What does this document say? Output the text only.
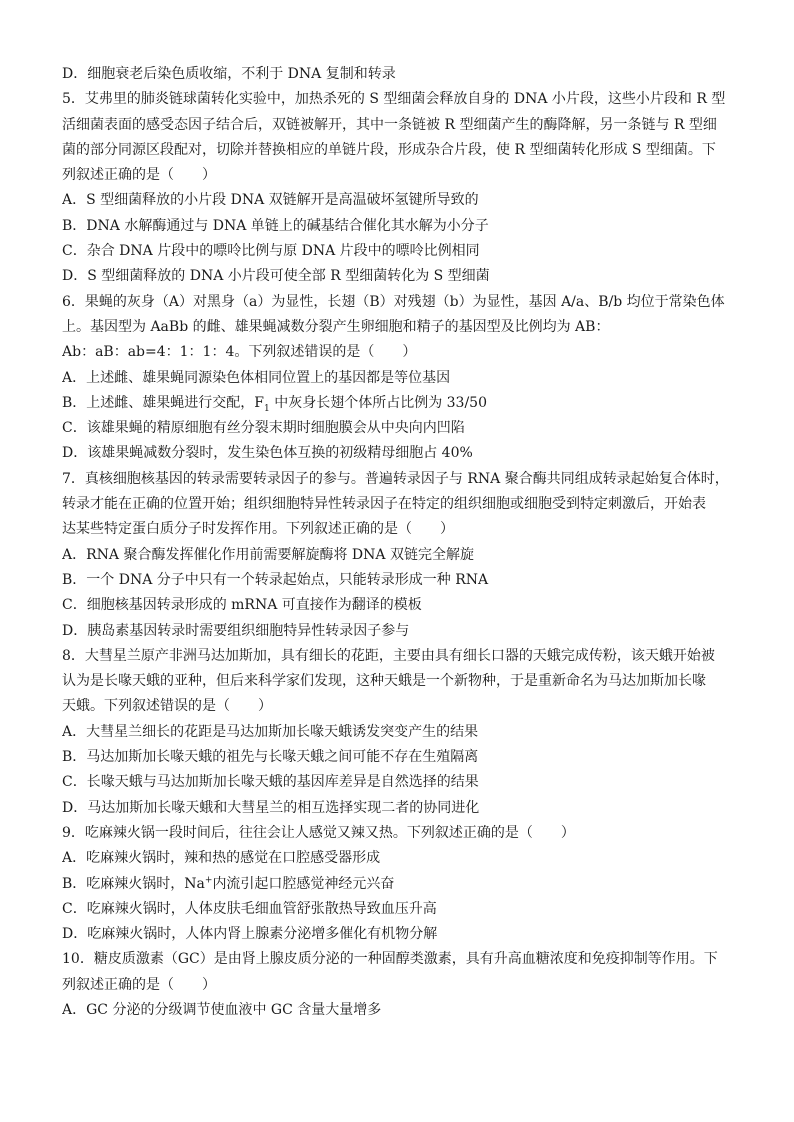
D．细胞衰老后染色质收缩，不利于 DNA 复制和转录
5．艾弗里的肺炎链球菌转化实验中，加热杀死的 S 型细菌会释放自身的 DNA 小片段，这些小片段和 R 型
活细菌表面的感受态因子结合后，双链被解开，其中一条链被 R 型细菌产生的酶降解，另一条链与 R 型细
菌的部分同源区段配对，切除并替换相应的单链片段，形成杂合片段，使 R 型细菌转化形成 S 型细菌。下
列叙述正确的是（　　）
A．S 型细菌释放的小片段 DNA 双链解开是高温破坏氢键所导致的
B．DNA 水解酶通过与 DNA 单链上的碱基结合催化其水解为小分子
C．杂合 DNA 片段中的嘌呤比例与原 DNA 片段中的嘌呤比例相同
D．S 型细菌释放的 DNA 小片段可使全部 R 型细菌转化为 S 型细菌
6．果蝇的灰身（A）对黑身（a）为显性，长翅（B）对残翅（b）为显性，基因 A/a、B/b 均位于常染色体
上。基因型为 AaBb 的雌、雄果蝇减数分裂产生卵细胞和精子的基因型及比例均为 AB：
Ab：aB：ab=4：1：1：4。下列叙述错误的是（　　）
A．上述雌、雄果蝇同源染色体相同位置上的基因都是等位基因
B．上述雌、雄果蝇进行交配，$F_1$ 中灰身长翅个体所占比例为 33/50
C．该雄果蝇的精原细胞有丝分裂末期时细胞膜会从中央向内凹陷
D．该雄果蝇减数分裂时，发生染色体互换的初级精母细胞占 40%
7．真核细胞核基因的转录需要转录因子的参与。普遍转录因子与 RNA 聚合酶共同组成转录起始复合体时，
转录才能在正确的位置开始；组织细胞特异性转录因子在特定的组织细胞或细胞受到特定刺激后，开始表
达某些特定蛋白质分子时发挥作用。下列叙述正确的是（　　）
A．RNA 聚合酶发挥催化作用前需要解旋酶将 DNA 双链完全解旋
B．一个 DNA 分子中只有一个转录起始点，只能转录形成一种 RNA
C．细胞核基因转录形成的 mRNA 可直接作为翻译的模板
D．胰岛素基因转录时需要组织细胞特异性转录因子参与
8．大彗星兰原产非洲马达加斯加，具有细长的花距，主要由具有细长口器的天蛾完成传粉，该天蛾开始被
认为是长喙天蛾的亚种，但后来科学家们发现，这种天蛾是一个新物种，于是重新命名为马达加斯加长喙
天蛾。下列叙述错误的是（　　）
A．大彗星兰细长的花距是马达加斯加长喙天蛾诱发突变产生的结果
B．马达加斯加长喙天蛾的祖先与长喙天蛾之间可能不存在生殖隔离
C．长喙天蛾与马达加斯加长喙天蛾的基因库差异是自然选择的结果
D．马达加斯加长喙天蛾和大彗星兰的相互选择实现二者的协同进化
9．吃麻辣火锅一段时间后，往往会让人感觉又辣又热。下列叙述正确的是（　　）
A．吃麻辣火锅时，辣和热的感觉在口腔感受器形成
B．吃麻辣火锅时，Na+内流引起口腔感觉神经元兴奋
C．吃麻辣火锅时，人体皮肤毛细血管舒张散热导致血压升高
D．吃麻辣火锅时，人体内肾上腺素分泌增多催化有机物分解
10．糖皮质激素（GC）是由肾上腺皮质分泌的一种固醇类激素，具有升高血糖浓度和免疫抑制等作用。下
列叙述正确的是（　　）
A．GC 分泌的分级调节使血液中 GC 含量大量增多
